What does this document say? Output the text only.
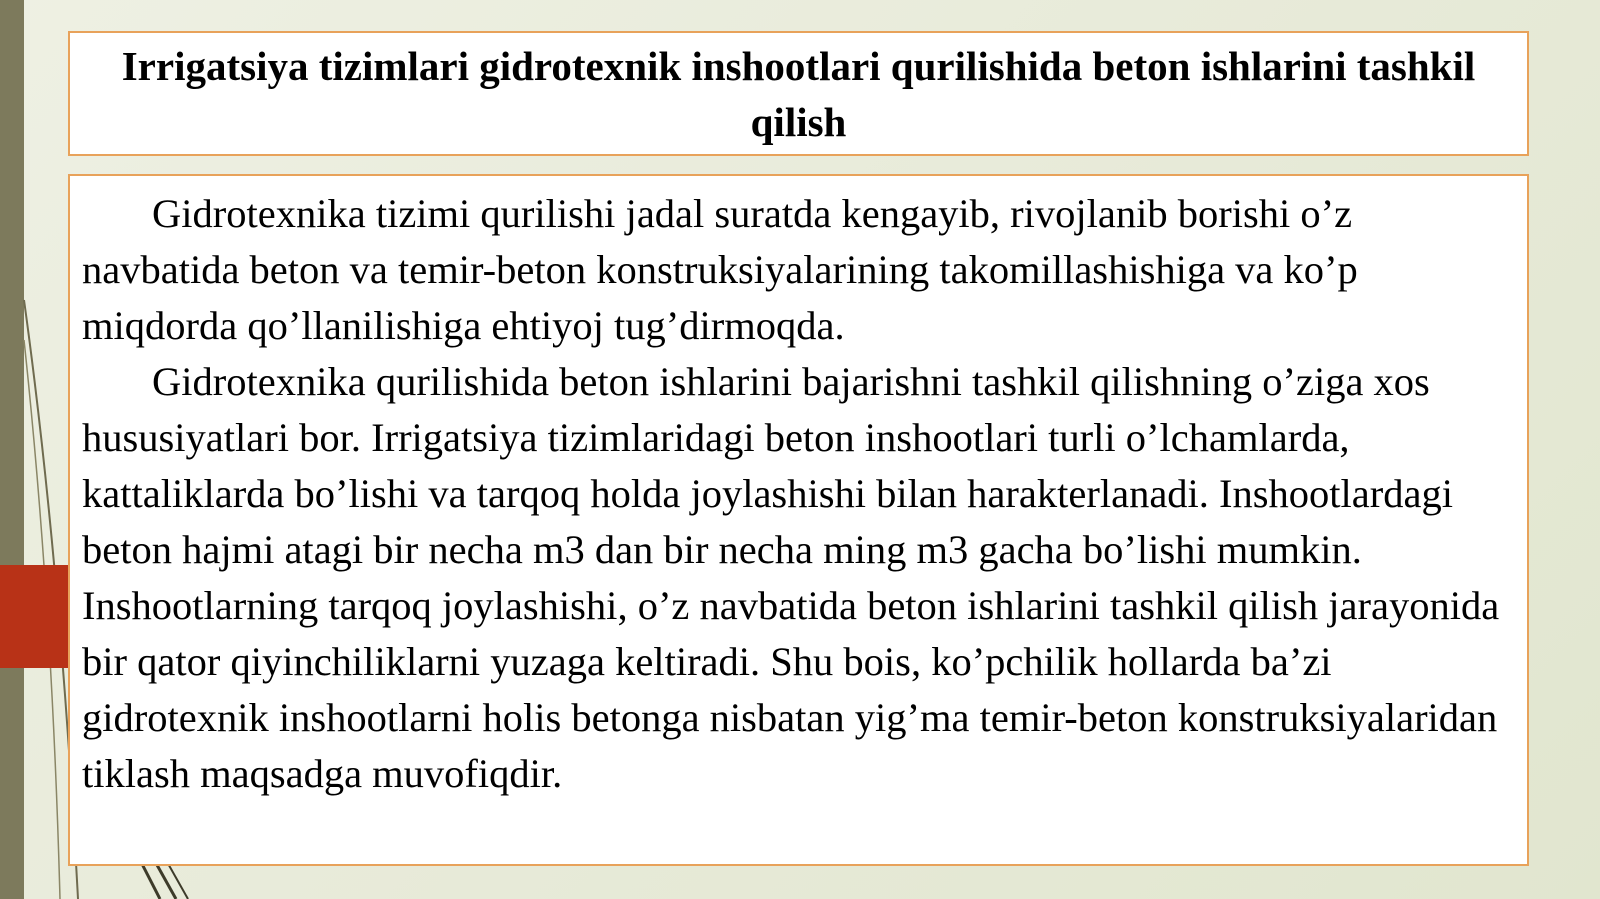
Irrigatsiya tizimlari gidrotexnik inshootlari qurilishida beton ishlarini tashkil qilish

Gidrotexnika tizimi qurilishi jadal suratda kengayib, rivojlanib borishi o’z navbatida beton va temir-beton konstruksiyalarining takomillashishiga va ko’p miqdorda qo’llanilishiga ehtiyoj tug’dirmoqda.

Gidrotexnika qurilishida beton ishlarini bajarishni tashkil qilishning o’ziga xos hususiyatlari bor. Irrigatsiya tizimlaridagi beton inshootlari turli o’lchamlarda, kattaliklarda bo’lishi va tarqoq holda joylashishi bilan harakterlanadi. Inshootlardagi beton hajmi atagi bir necha m3 dan bir necha ming m3 gacha bo’lishi mumkin. Inshootlarning tarqoq joylashishi, o’z navbatida beton ishlarini tashkil qilish jarayonida bir qator qiyinchiliklarni yuzaga keltiradi. Shu bois, ko’pchilik hollarda ba’zi gidrotexnik inshootlarni holis betonga nisbatan yig’ma temir-beton konstruksiyalaridan tiklash maqsadga muvofiqdir.
